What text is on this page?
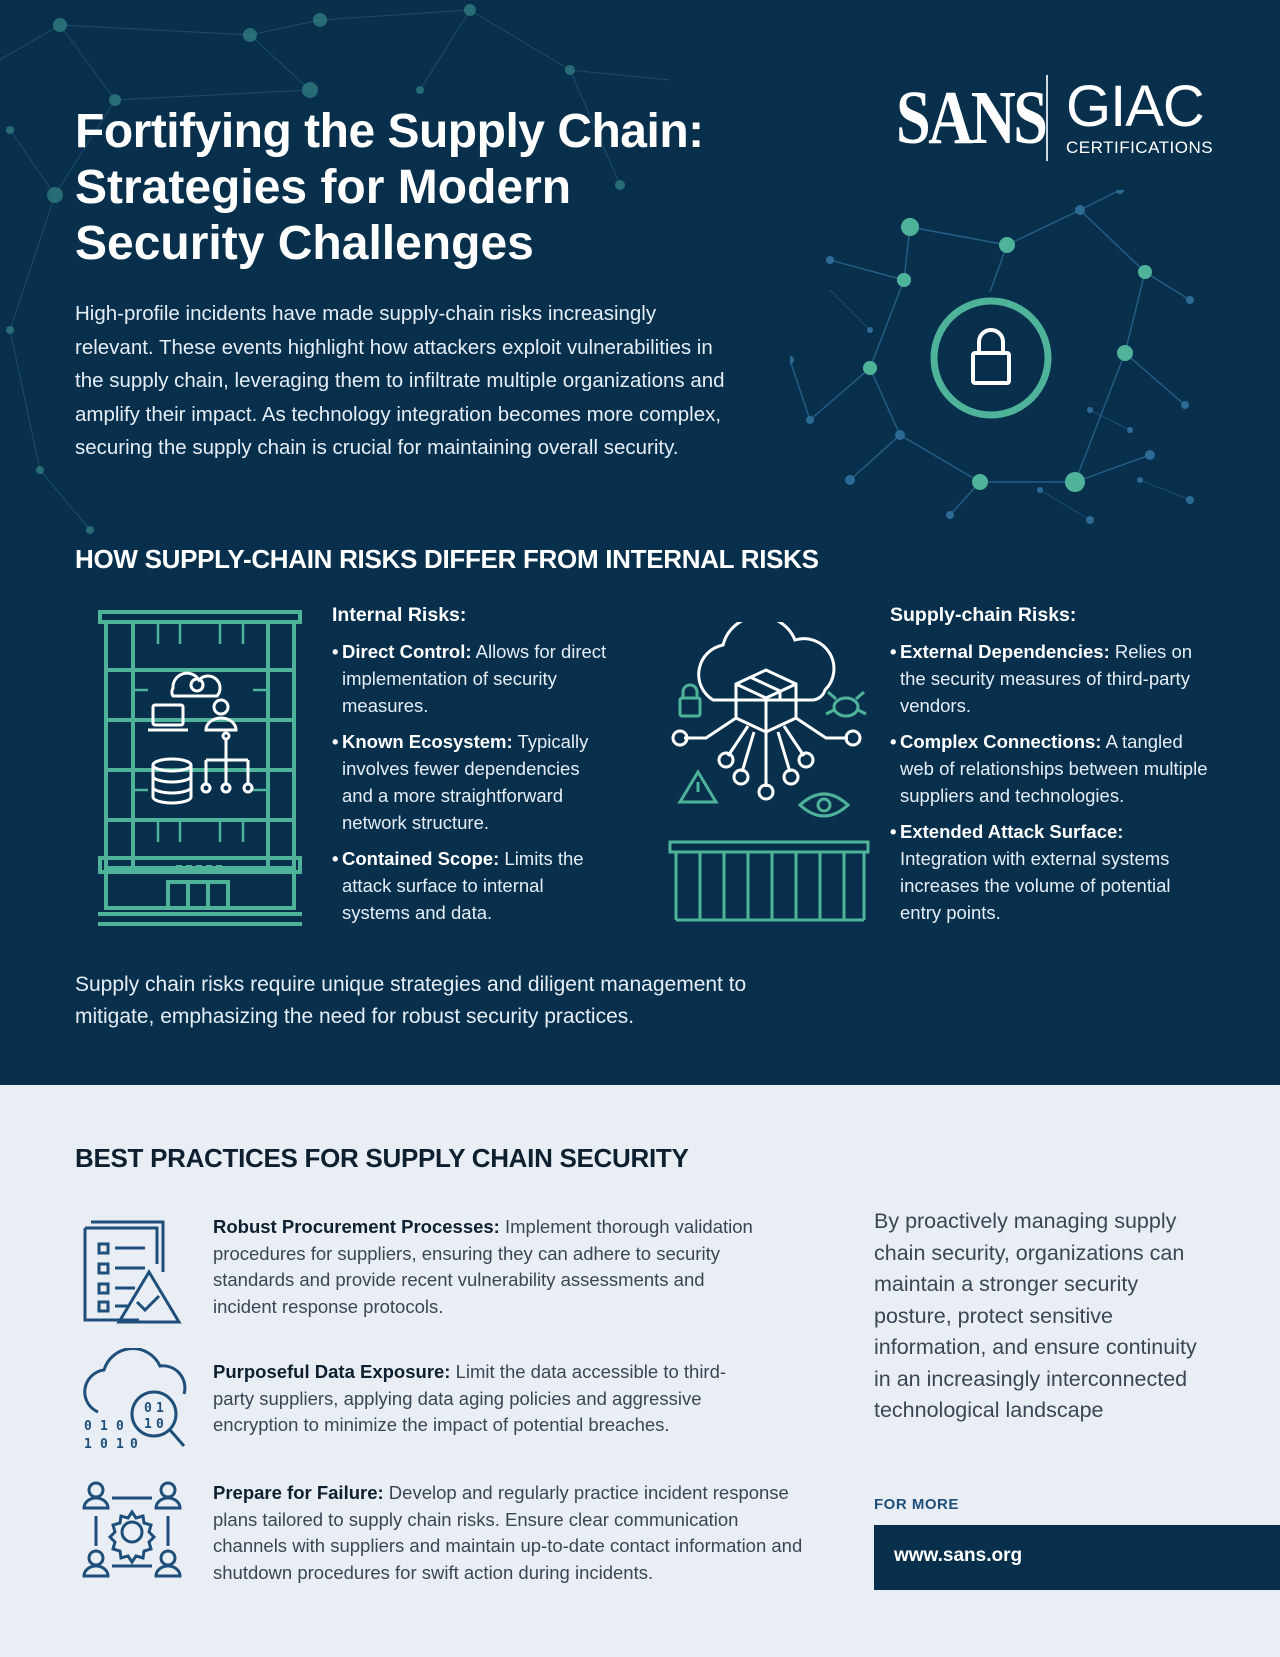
SANS GIAC
CERTIFICATIONS
Fortifying the Supply Chain:
Strategies for Modern
Security Challenges

High-profile incidents have made supply-chain risks increasingly relevant. These events highlight how attackers exploit vulnerabilities in the supply chain, leveraging them to infiltrate multiple organizations and amplify their impact. As technology integration becomes more complex, securing the supply chain is crucial for maintaining overall security.

HOW SUPPLY-CHAIN RISKS DIFFER FROM INTERNAL RISKS
Internal Risks:
• Direct Control: Allows for direct implementation of security measures.
• Known Ecosystem: Typically involves fewer dependencies and a more straightforward network structure.
• Contained Scope: Limits the attack surface to internal systems and data.
Supply-chain Risks:
• External Dependencies: Relies on the security measures of third-party vendors.
• Complex Connections: A tangled web of relationships between multiple suppliers and technologies.
• Extended Attack Surface: Integration with external systems increases the volume of potential entry points.

Supply chain risks require unique strategies and diligent management to mitigate, emphasizing the need for robust security practices.

BEST PRACTICES FOR SUPPLY CHAIN SECURITY

Robust Procurement Processes: Implement thorough validation procedures for suppliers, ensuring they can adhere to security standards and provide recent vulnerability assessments and incident response protocols.

0 1 0
1 0 1 0
0 1
1 0

Purposeful Data Exposure: Limit the data accessible to third-party suppliers, applying data aging policies and aggressive encryption to minimize the impact of potential breaches.

Prepare for Failure: Develop and regularly practice incident response plans tailored to supply chain risks. Ensure clear communication channels with suppliers and maintain up-to-date contact information and shutdown procedures for swift action during incidents.

By proactively managing supply chain security, organizations can maintain a stronger security posture, protect sensitive information, and ensure continuity in an increasingly interconnected technological landscape

FOR MORE
www.sans.org
